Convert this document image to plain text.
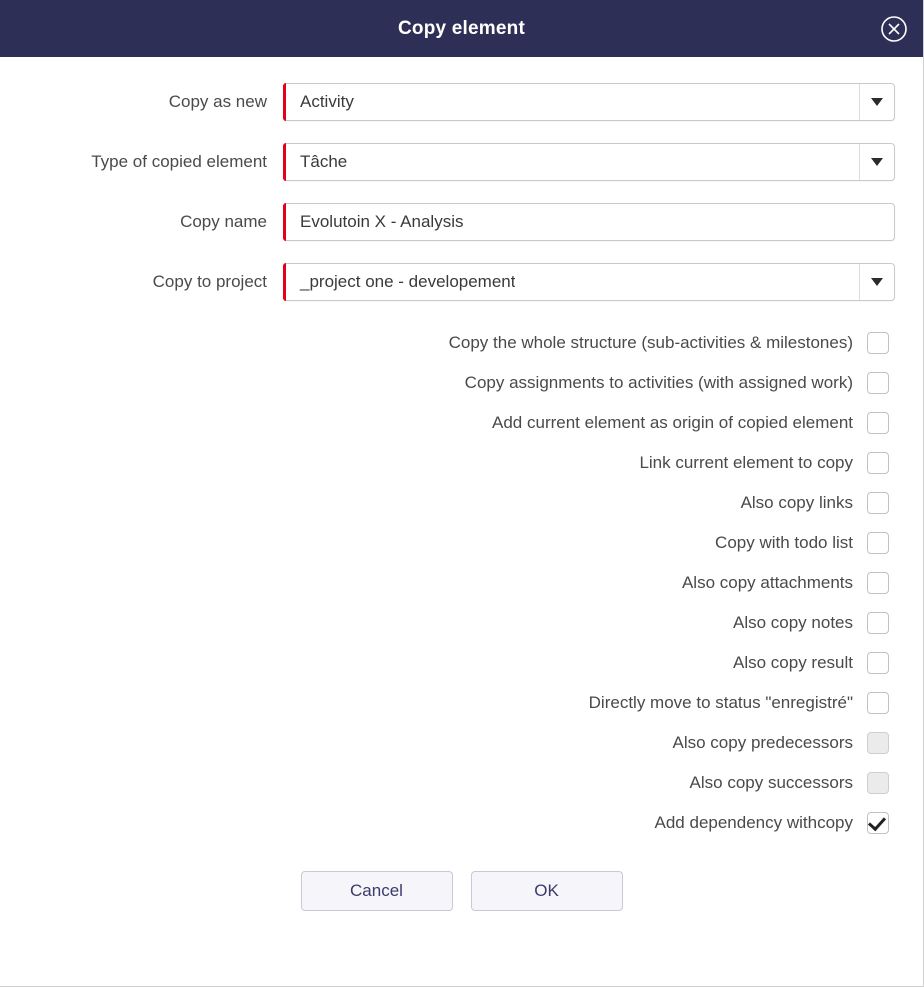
Copy element
Copy as new	Activity
Type of copied element	Tâche
Copy name	Evolutoin X - Analysis
Copy to project	_project one - developement
Copy the whole structure (sub-activities & milestones)
Copy assignments to activities (with assigned work)
Add current element as origin of copied element
Link current element to copy
Also copy links
Copy with todo list
Also copy attachments
Also copy notes
Also copy result
Directly move to status "enregistré"
Also copy predecessors
Also copy successors
Add dependency withcopy
Cancel	OK
